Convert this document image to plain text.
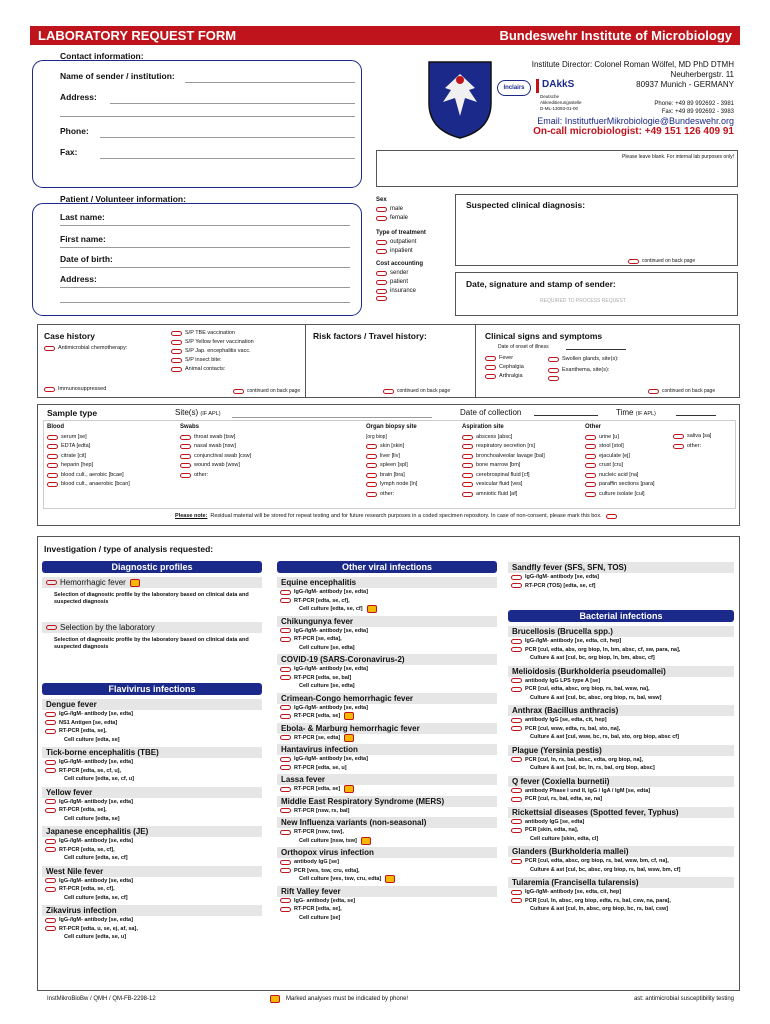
LABORATORY REQUEST FORM	Bundeswehr Institute of Microbiology
Contact information:
Name of sender / institution:
Address:
Phone:
Fax:
Inclairs	DAkkS
Deutsche Akkreditierungsstelle D-ML-13093-01-00
Institute Director: Colonel Roman Wölfel, MD PhD DTMH
Neuherbergstr. 11
80937 Munich - GERMANY
Phone: +49 89 992692 - 3981
Fax: +49 89 992692 - 3983
Email: InstitutfuerMikrobiologie@Bundeswehr.org
On-call microbiologist: +49 151 126 409 91
Please leave blank. For internal lab purposes only!
Patient / Volunteer information:
Last name:
First name:
Date of birth:
Address:
Sex
male
female
Type of treatment
outpatient
inpatient
Cost accounting
sender
patient
insurance
Suspected clinical diagnosis:
continued on back page
Date, signature and stamp of sender:
REQUIRED TO PROCESS REQUEST
Case history
Antimicrobial chemotherapy:
Immunosuppressed
S/P TBE vaccination
S/P Yellow fever vaccination
S/P Jap. encephalitis vacc.
S/P insect bite:
Animal contacts:
continued on back page
Risk factors / Travel history:
continued on back page
Clinical signs and symptoms
Date of onset of illness
Fever
Cephalgia
Arthralgia
Swollen glands, site(s):
Exanthema, site(s):
continued on back page
Sample type	Site(s) (IF APL)	Date of collection	Time (IF APL)
Blood
serum [se]
EDTA [edta]
citrate [cit]
heparin [hep]
blood cult., aerobic [bcae]
blood cult., anaerobic [bcan]
Swabs
throat swab [tsw]
nasal swab [nsw]
conjunctival swab [csw]
wound swab [wsw]
other:
Organ biopsy site
[org biop]
skin [skin]
liver [liv]
spleen [spl]
brain [bra]
lymph node [ln]
other:
Aspiration site
abscess [absc]
respiratory secretion [rs]
bronchoalveolar lavage [bal]
bone marrow [bm]
cerebrospinal fluid [cf]
vesicular fluid [ves]
amniotic fluid [af]
Other
urine [u]
stool [stol]
ejaculate [ej]
crust [cru]
nucleic acid [na]
paraffin sections [para]
culture isolate [cul]
saliva [sa]
other:
Please note: Residual material will be stored for repeat testing and for future research purposes in a coded specimen repository. In case of non-consent, please mark this box.
Investigation / type of analysis requested:
Diagnostic profiles
Hemorrhagic fever
Selection of diagnostic profile by the laboratory based on clinical data and suspected diagnosis
Selection by the laboratory
Selection of diagnostic profile by the laboratory based on clinical data and suspected diagnosis
Flavivirus infections
Dengue fever
IgG-/IgM- antibody [se, edta]
NS1 Antigen [se, edta]
RT-PCR [edta, se],
Cell culture [edta, se]
Tick-borne encephalitis (TBE)
IgG-/IgM- antibody [se, edta]
RT-PCR [edta, se, cf, u],
Cell culture [edta, se, cf, u]
Yellow fever
IgG-/IgM- antibody [se, edta]
RT-PCR [edta, se],
Cell culture [edta, se]
Japanese encephalitis (JE)
IgG-/IgM- antibody [se, edta]
RT-PCR [edta, se, cf],
Cell culture [edta, se, cf]
West Nile fever
IgG-/IgM- antibody [se, edta]
RT-PCR [edta, se, cf],
Cell culture [edta, se, cf]
Zikavirus infection
IgG-/IgM- antibody [se, edta]
RT-PCR [edta, u, se, ej, af, sa],
Cell culture [edta, se, u]
Other viral infections
Equine encephalitis
IgG-/IgM- antibody [se, edta]
RT-PCR [edta, se, cf],
Cell culture [edta, se, cf]
Chikungunya fever
IgG-/IgM- antibody [se, edta]
RT-PCR [se, edta],
Cell culture [se, edta]
COVID-19 (SARS-Coronavirus-2)
IgG-/IgM- antibody [se, edta]
RT-PCR [edta, se, bal]
Cell culture [se, edta]
Crimean-Congo hemorrhagic fever
IgG-/IgM- antibody [se, edta]
RT-PCR [edta, se]
Ebola- & Marburg hemorrhagic fever
RT-PCR [se, edta]
Hantavirus infection
IgG-/IgM- antibody [se, edta]
RT-PCR [edta, se, u]
Lassa fever
RT-PCR [edta, se]
Middle East Respiratory Syndrome (MERS)
RT-PCR [nsw, rs, bal]
New Influenza variants (non-seasonal)
RT-PCR [nsw, tsw],
Cell culture [nsw, tsw]
Orthopox virus infection
antibody IgG [se]
PCR [ves, tsw, cru, edta],
Cell culture [ves, tsw, cru, edta]
Rift Valley fever
IgG- antibody [edta, se]
RT-PCR [edta, se],
Cell culture [se]
Sandfly fever (SFS, SFN, TOS)
IgG-/IgM- antibody [se, edta]
RT-PCR (TOS) [edta, se, cf]
Bacterial infections
Brucellosis (Brucella spp.)
IgG-/IgM- antibody [se, edta, cit, hep]
PCR [cul, edta, abs, org biop, ln, bm, absc, cf, sw, para, na],
Culture & ast [cul, bc, org biop, ln, bm, absc, cf]
Melioidosis (Burkholderia pseudomallei)
antibody IgG LPS type A [se]
PCR [cul, edta, absc, org biop, rs, bal, wsw, na],
Culture & ast [cul, bc, absc, org biop, rs, bal, wsw]
Anthrax (Bacillus anthracis)
antibody IgG [se, edta, cit, hep]
PCR [cul, wsw, edta, rs, bal, sto, na],
Culture & ast [cul, wsw, bc, rs, bal, sto, org biop, absc cf]
Plague (Yersinia pestis)
PCR [cul, ln, rs, bal, absc, edta, org biop, na],
Culture & ast [cul, bc, ln, rs, bal, org biop, absc]
Q fever (Coxiella burnetii)
antibody Phase I und II, IgG / IgA / IgM [se, edta]
PCR [cul, rs, bal, edta, se, na]
Rickettsial diseases (Spotted fever, Typhus)
antibody IgG [se, edta]
PCR [skin, edta, na],
Cell culture [skin, edta, cl]
Glanders (Burkholderia mallei)
PCR [cul, edta, absc, org biop, rs, bal, wsw, bm, cf, na],
Culture & ast [cul, bc, absc, org biop, rs, bal, wsw, bm, cf]
Tularemia (Francisella tularensis)
IgG-/IgM- antibody [se, edta, cit, hep]
PCR [cul, ln, absc, org biop, edta, rs, bal, csw, na, para],
Culture & ast [cul, ln, absc, org biop, bc, rs, bal, csw]
InstMikroBioBw / QMH / QM-FB-2298-12	Marked analyses must be indicated by phone!	ast: antimicrobial susceptibility testing
